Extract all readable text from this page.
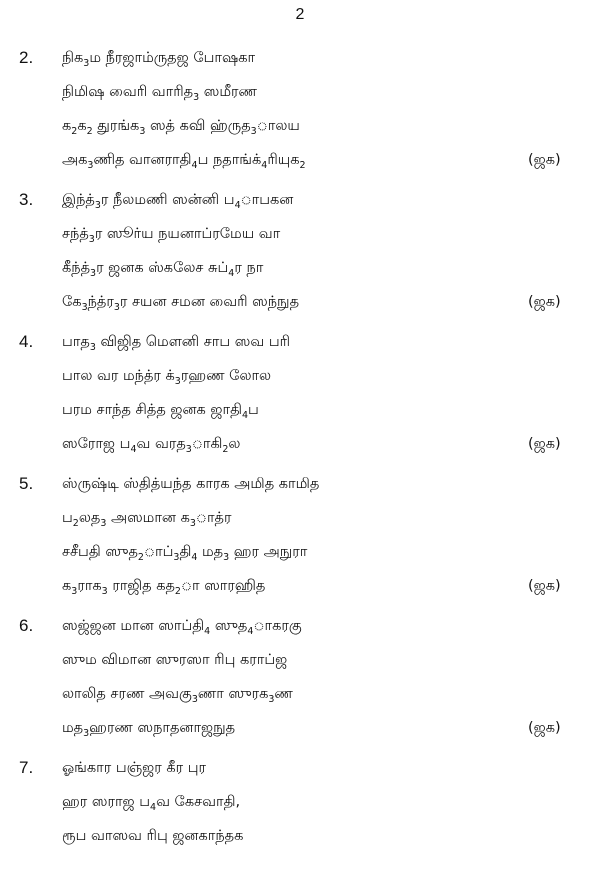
2
2. நிக$_3$ம நீரஜாம்ருதஜ போஷகா
நிமிஷ வைரி வாரித$_3$ ஸமீரண
க$_2$க$_2$ துரங்க$_3$ ஸத் கவி ஹ்ருத$_3$ாலய
அக$_3$ணித $வானராதி_4ப$ $நதாங்க்_4ரியுக_2$	(ஜக)
3. $இந்த்_3ர$ நீலமணி ஸன்னி ப$_4$ாபகன
$சந்த்_3ர$ ஸூர்ய நயனாப்ரமேய வா
$கீந்த்_3ர$ ஜனக ஸ்கலேச $சுப்_4ர$ நா
$கே_3ந்த்ர_3ர$ சயன சமன வைரி ஸந்நுத	(ஜக)
4. பாத$_3$ விஜித மௌனி சாப ஸவ பரி
பால வர மந்த்ர $க்_3ரஹண$ லோல
பரம சாந்த சித்த ஜனக $ஜாதி_4ப$
ஸரோஜ ப$_4$வ $வரத_3ாகி_2ல$	(ஜக)
5. ஸ்ருஷ்டி ஸ்தித்யந்த காரக அமித காமித
ப$_2$லத$_3$ அஸமான க$_3$ாத்ர
சசீபதி $ஸுத_2ாப்_3தி_4$ மத$_3$ ஹர அநுரா
க$_3$ராக$_3$ ராஜித கத$_2$ா ஸாரஹித	(ஜக)
6. ஸஜ்ஜன மான $ஸாப்தி_4$ ஸுத$_4$ாகரகு
ஸும விமான ஸுரஸா ரிபு கராப்ஜ
லாலித சரண $அவகு_3ணா$ ஸுரக$_3$ண
மத$_3$ஹரண ஸநாதனாஜநுத	(ஜக)
7. ஓங்கார பஞ்ஜர கீர புர
ஹர ஸராஜ ப$_4$வ கேசவாதி,
ரூப வாஸவ ரிபு ஜனகாந்தக
